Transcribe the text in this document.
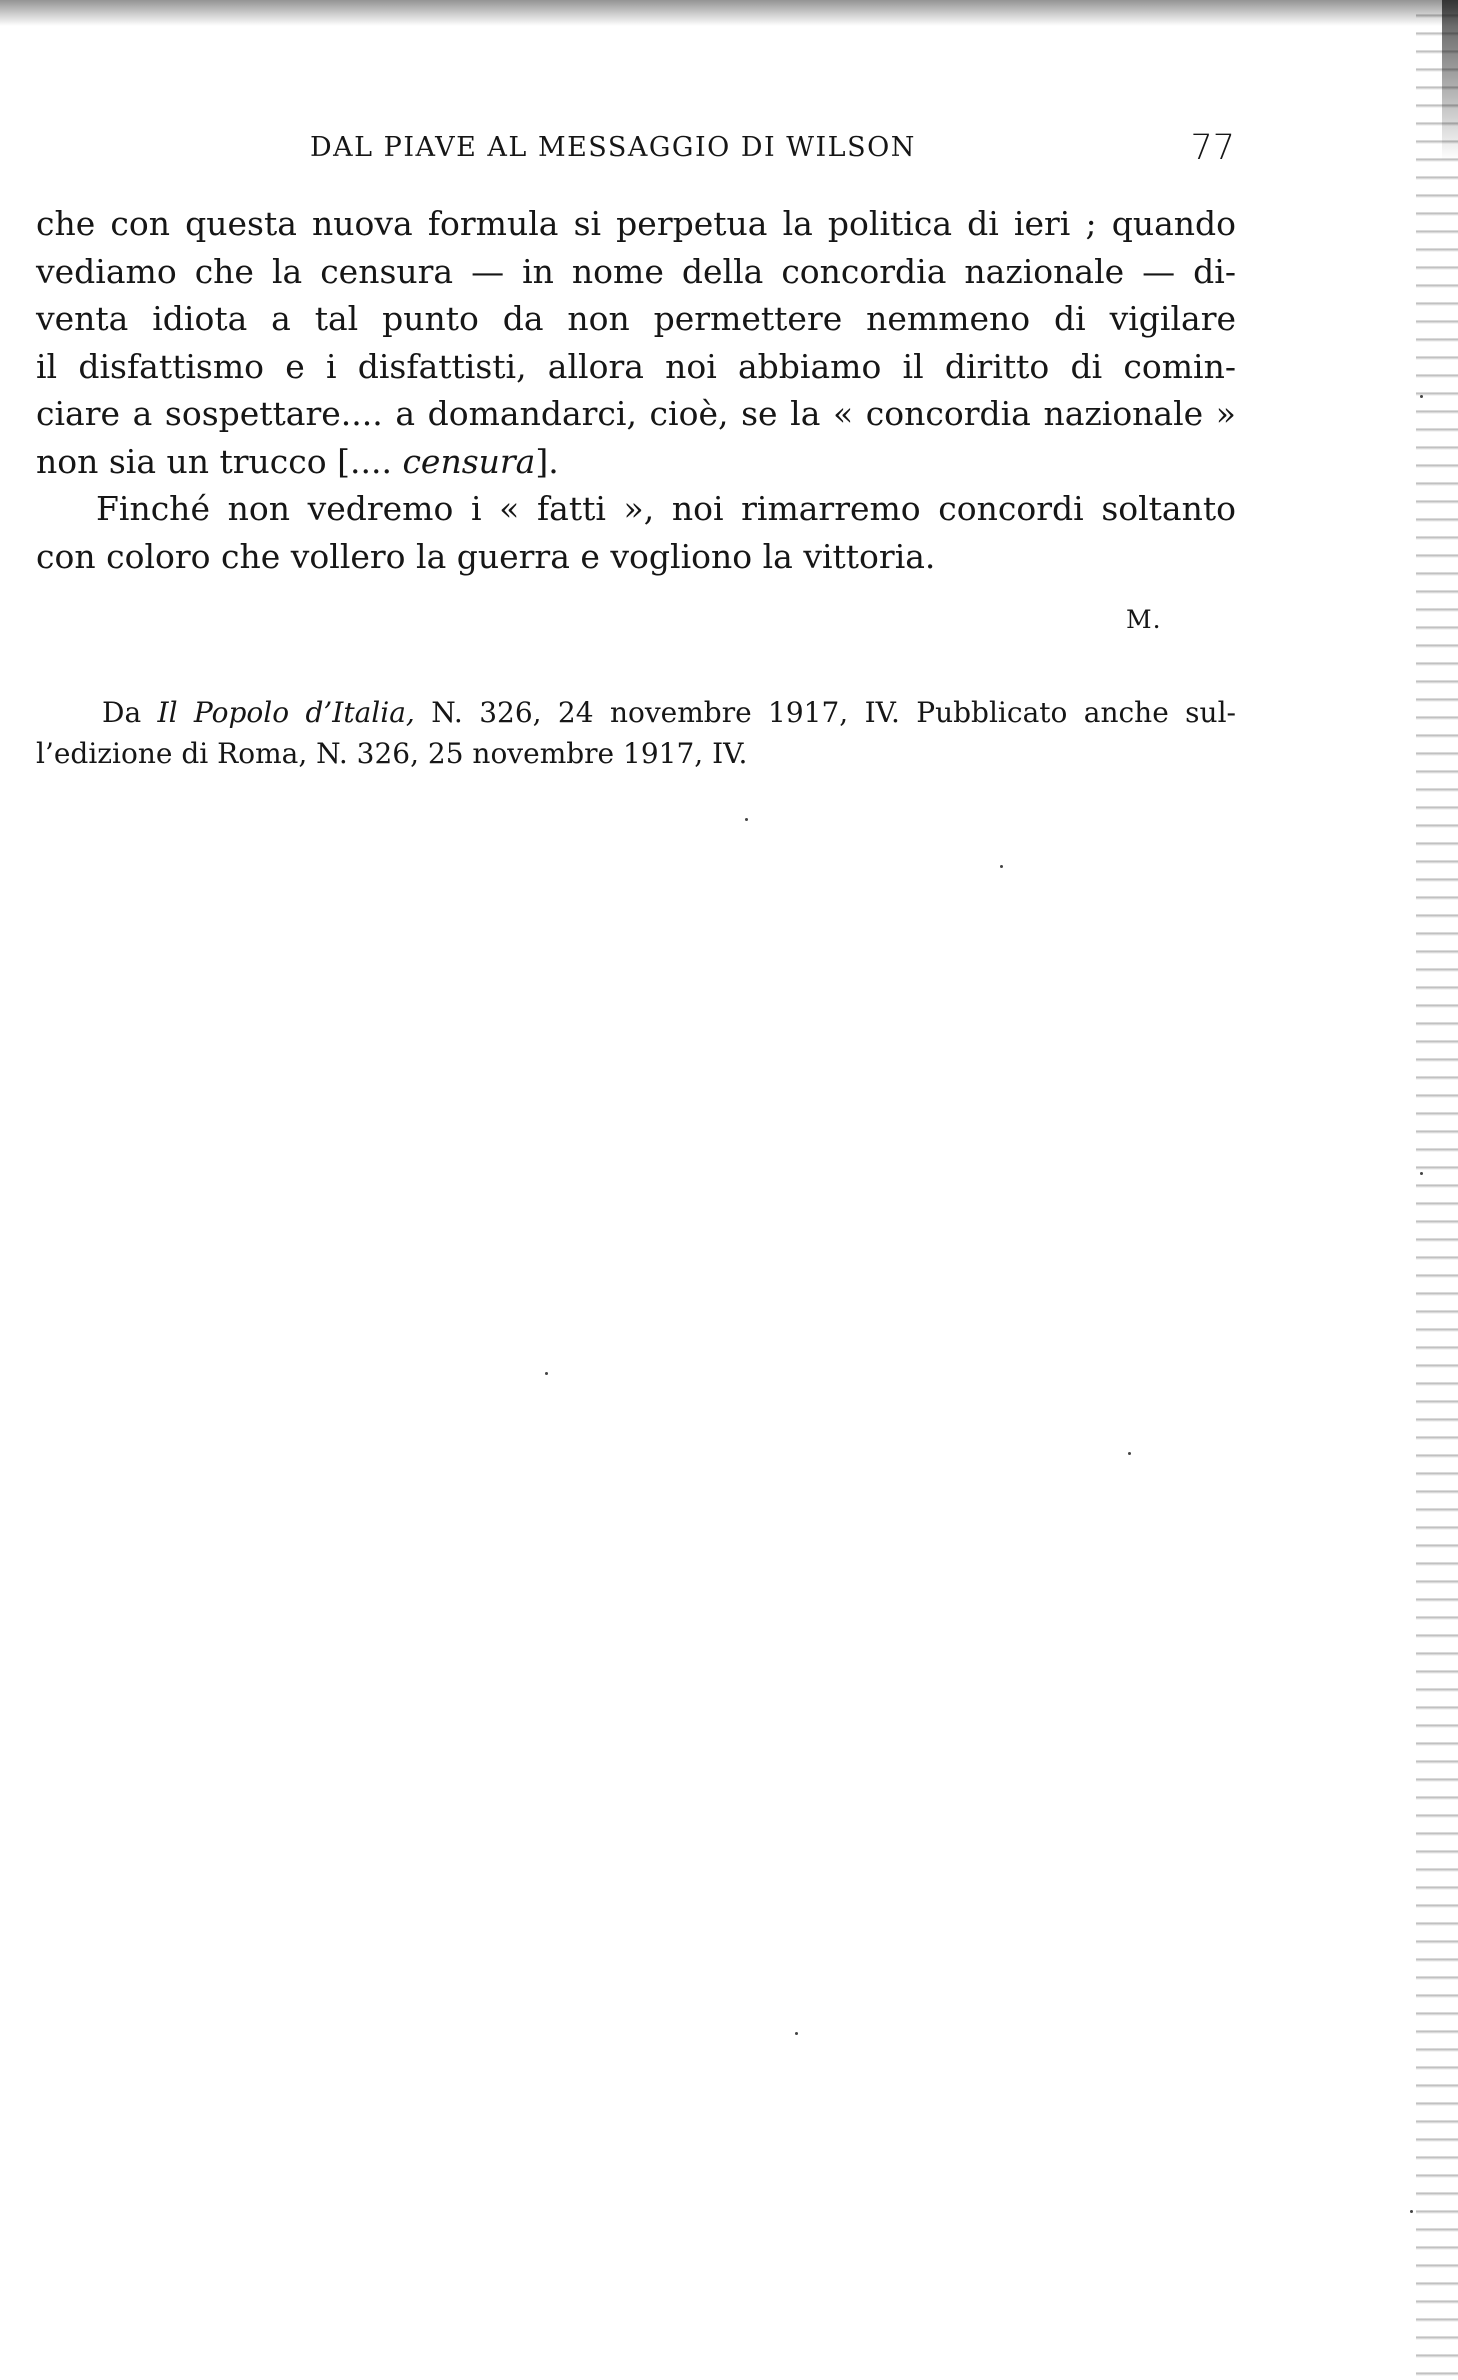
DAL PIAVE AL MESSAGGIO DI WILSON	77
che con questa nuova formula si perpetua la politica di ieri ; quando
vediamo che la censura — in nome della concordia nazionale — di-
venta idiota a tal punto da non permettere nemmeno di vigilare
il disfattismo e i disfattisti, allora noi abbiamo il diritto di comin-
ciare a sospettare.... a domandarci, cioè, se la « concordia nazionale »
non sia un trucco [.... censura].
Finché non vedremo i « fatti », noi rimarremo concordi soltanto
con coloro che vollero la guerra e vogliono la vittoria.
M.
Da Il Popolo d’Italia, N. 326, 24 novembre 1917, IV. Pubblicato anche sul-
l’edizione di Roma, N. 326, 25 novembre 1917, IV.
